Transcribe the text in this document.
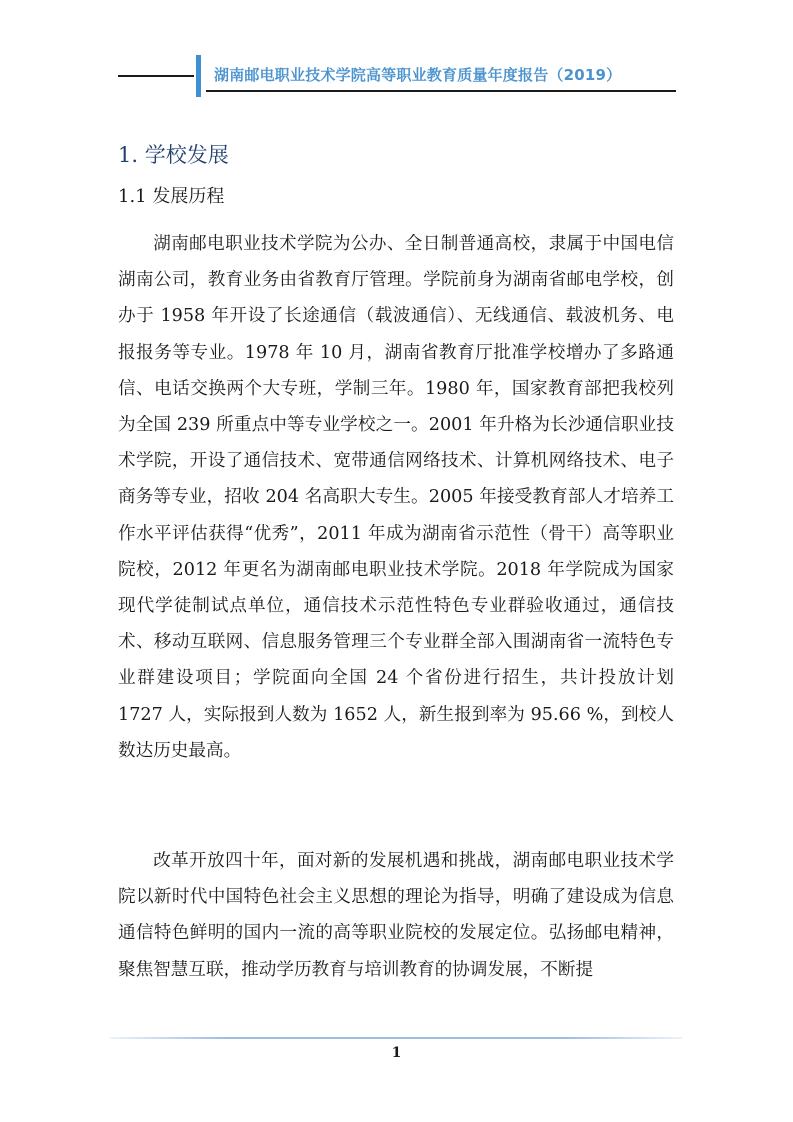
湖南邮电职业技术学院高等职业教育质量年度报告（2019）
1. 学校发展
1.1 发展历程

湖南邮电职业技术学院为公办、全日制普通高校，隶属于中国电信湖南公司，教育业务由省教育厅管理。学院前身为湖南省邮电学校，创办于 1958 年开设了长途通信（载波通信）、无线通信、载波机务、电报报务等专业。1978 年 10 月，湖南省教育厅批准学校增办了多路通信、电话交换两个大专班，学制三年。1980 年，国家教育部把我校列为全国 239 所重点中等专业学校之一。2001 年升格为长沙通信职业技术学院，开设了通信技术、宽带通信网络技术、计算机网络技术、电子商务等专业，招收 204 名高职大专生。2005 年接受教育部人才培养工作水平评估获得“优秀”，2011 年成为湖南省示范性（骨干）高等职业院校，2012 年更名为湖南邮电职业技术学院。2018 年学院成为国家现代学徒制试点单位，通信技术示范性特色专业群验收通过，通信技术、移动互联网、信息服务管理三个专业群全部入围湖南省一流特色专业群建设项目；学院面向全国 24 个省份进行招生，共计投放计划 1727 人，实际报到人数为 1652 人，新生报到率为 95.66 %，到校人数达历史最高。

改革开放四十年，面对新的发展机遇和挑战，湖南邮电职业技术学院以新时代中国特色社会主义思想的理论为指导，明确了建设成为信息通信特色鲜明的国内一流的高等职业院校的发展定位。弘扬邮电精神，聚焦智慧互联，推动学历教育与培训教育的协调发展，不断提

1
